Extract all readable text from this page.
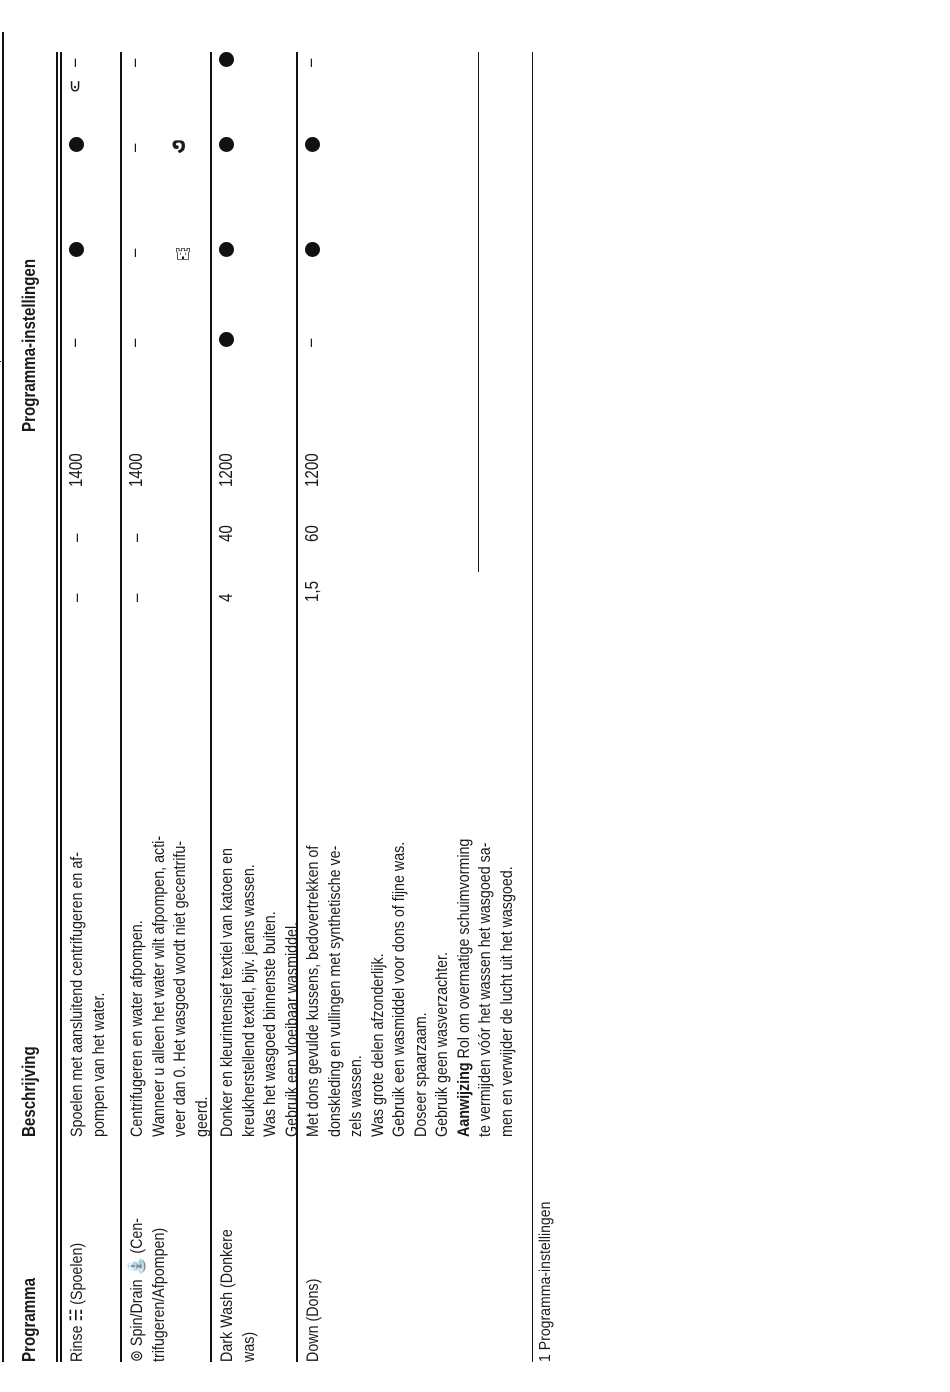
Programma
Beschrijving
Programma-instellingen
⛫
໑
⊍
Rinse ☵ (Spoelen)
Spoelen met aansluitend centrifugeren en af- pompen van het water.
–
–
1400
–
–
⊚ Spin/Drain ⛲ (Cen- trifugeren/Afpompen)
Centrifugeren en water afpompen. Wanneer u alleen het water wilt afpompen, acti- veer dan 0. Het wasgoed wordt niet gecentrifu- geerd.
–
–
1400
–
–
–
–
Dark Wash (Donkere was)
Donker en kleurintensief textiel van katoen en kreukherstellend textiel, bijv. jeans wassen. Was het wasgoed binnenste buiten. Gebruik een vloeibaar wasmiddel.
4
40
1200
Down (Dons)
Met dons gevulde kussens, bedovertrekken of donskleding en vullingen met synthetische ve- zels wassen. Was grote delen afzonderlijk. Gebruik een wasmiddel voor dons of fijne was. Doseer spaarzaam. Gebruik geen wasverzachter. Aanwijzing Rol om overmatige schuimvorming te vermijden vóór het wassen het wasgoed sa- men en verwijder de lucht uit het wasgoed.
1,5
60
1200
–
–
1 Programma-instellingen
